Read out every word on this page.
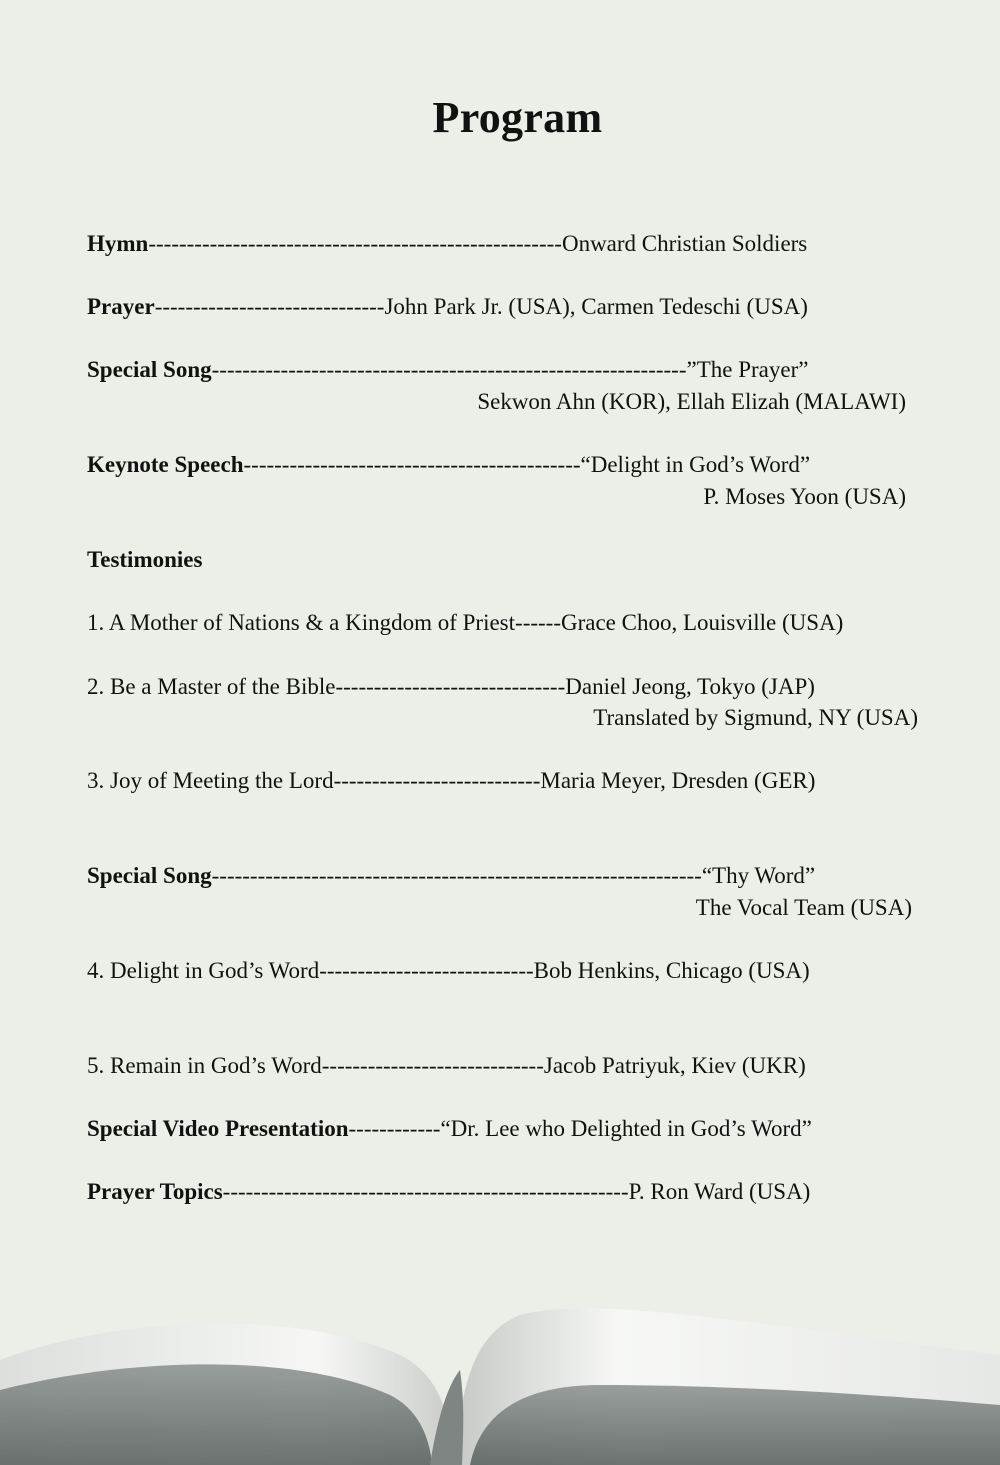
Program
Hymn------------------------------------------------------Onward Christian Soldiers
Prayer------------------------------John Park Jr. (USA), Carmen Tedeschi (USA)
Special Song--------------------------------------------------------------”The Prayer”
Sekwon Ahn (KOR), Ellah Elizah (MALAWI)
Keynote Speech--------------------------------------------“Delight in God’s Word”
P. Moses Yoon (USA)
Testimonies
1. A Mother of Nations & a Kingdom of Priest------Grace Choo, Louisville (USA)
2. Be a Master of the Bible------------------------------Daniel Jeong, Tokyo (JAP)
Translated by Sigmund, NY (USA)
3. Joy of Meeting the Lord---------------------------Maria Meyer, Dresden (GER)
Special Song----------------------------------------------------------------“Thy Word”
The Vocal Team (USA)
4. Delight in God’s Word----------------------------Bob Henkins, Chicago (USA)
5. Remain in God’s Word-----------------------------Jacob Patriyuk, Kiev (UKR)
Special Video Presentation------------“Dr. Lee who Delighted in God’s Word”
Prayer Topics-----------------------------------------------------P. Ron Ward (USA)
